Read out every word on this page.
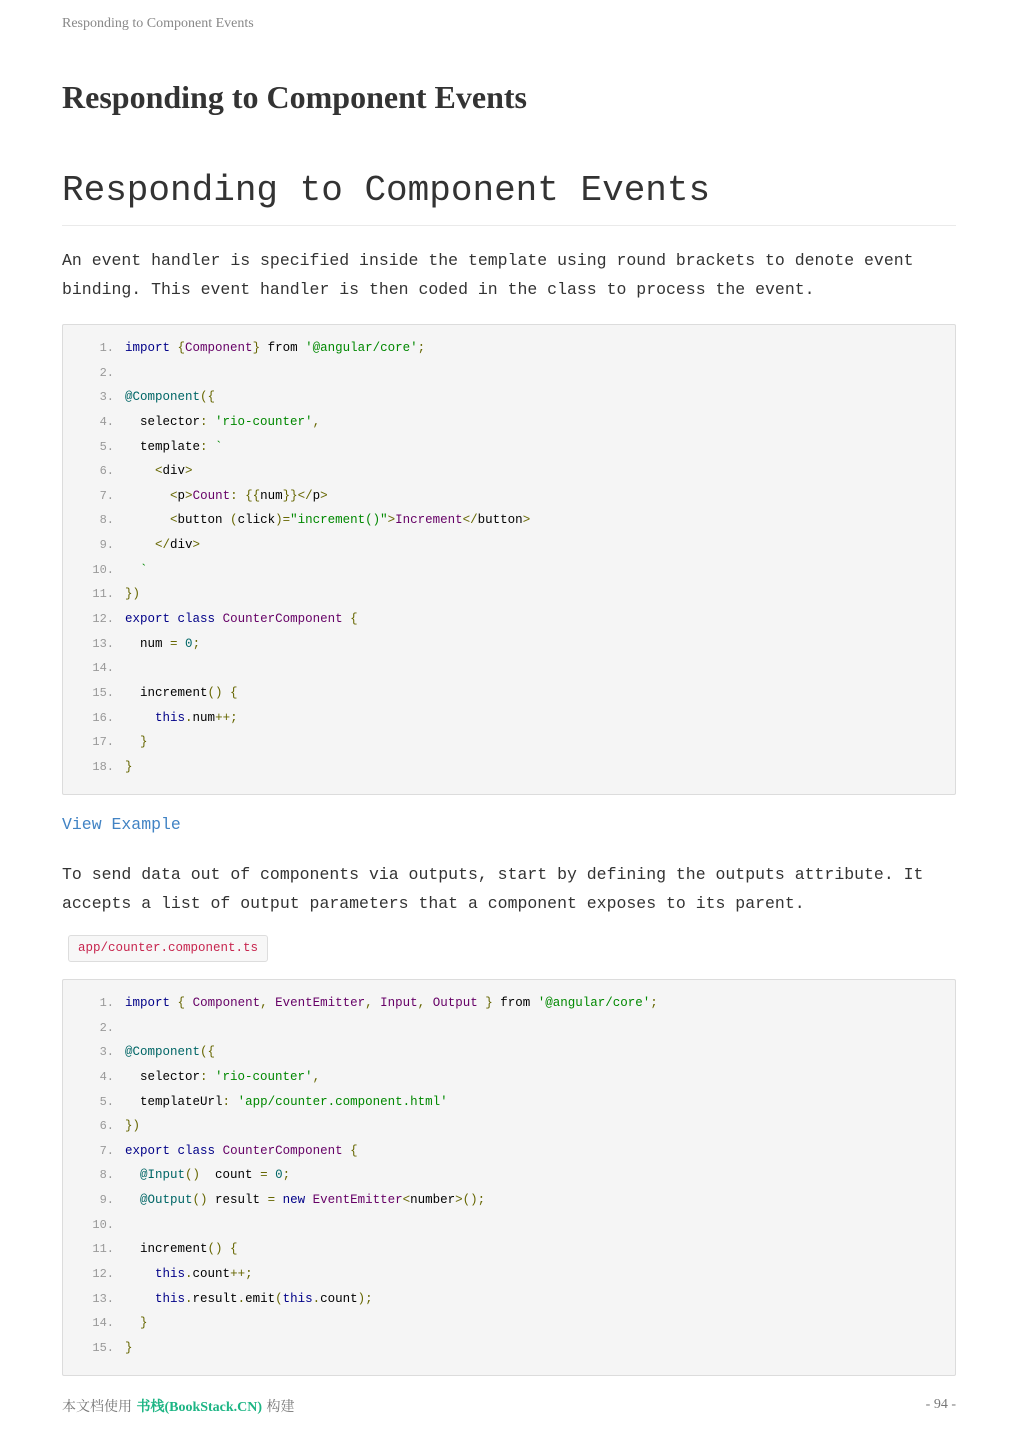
Responding to Component Events
Responding to Component Events
Responding to Component Events

An event handler is specified inside the template using round brackets to denote event binding. This event handler is then coded in the class to process the event.

1. import {Component} from '@angular/core';
2.
3. @Component({
4. selector: 'rio-counter',
5. template: `
6.	<div>
7.	<p>Count: {{num}}</p>
8.	<button (click)="increment()">Increment</button>
9.	</div>
10.	`
11. })
12. export class CounterComponent {
13. num = 0;
14.
15. increment() {
16.	this.num++;
17.	}
18. }
View Example

To send data out of components via outputs, start by defining the outputs attribute. It accepts a list of output parameters that a component exposes to its parent.

app/counter.component.ts
1. import { Component, EventEmitter, Input, Output } from '@angular/core';
2.
3. @Component({
4. selector: 'rio-counter',
5. templateUrl: 'app/counter.component.html'
6. })
7. export class CounterComponent {
8.	@Input()  count = 0;
9.	@Output() result = new EventEmitter<number>();
10.
11. increment() {
12.	this.count++;
13.	this.result.emit(this.count);
14.	}
15. }
本文档使用 书栈(BookStack.CN) 构建	- 94 -
